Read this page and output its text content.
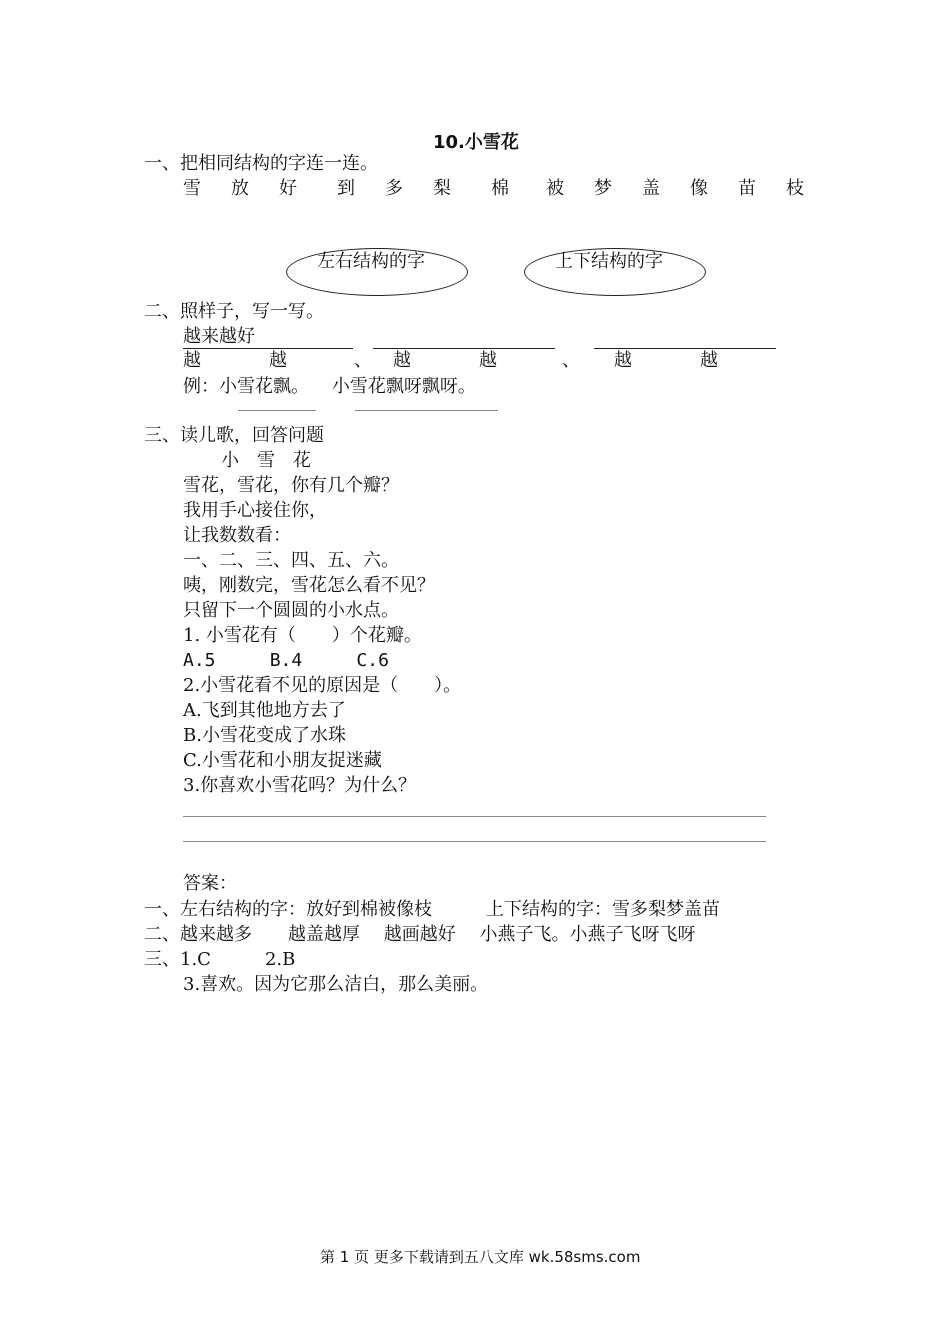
10.小雪花
一、把相同结构的字连一连。
雪 放 好 到 多 梨 棉 被 梦 盖 像 苗 枝
左右结构的字	上下结构的字
二、照样子，写一写。
越来越好
越	越	、 越	越	、 越	越
例：小雪花飘。    小雪花飘呀飘呀。
三、读儿歌，回答问题
小　雪　花
雪花，雪花，你有几个瓣？
我用手心接住你，
让我数数看：
一、二、三、四、五、六。
咦，刚数完，雪花怎么看不见？
只留下一个圆圆的小水点。
1. 小雪花有（　　）个花瓣。
A.5     B.4     C.6
2.小雪花看不见的原因是（　　）。
A.飞到其他地方去了
B.小雪花变成了水珠
C.小雪花和小朋友捉迷藏
3.你喜欢小雪花吗？为什么？
答案：
一、左右结构的字：放好到棉被像枝　　　上下结构的字：雪多梨梦盖苗
二、越来越多　　越盖越厚　 越画越好　 小燕子飞。小燕子飞呀飞呀
三、1.C　　　2.B
3.喜欢。因为它那么洁白，那么美丽。
第 1 页 更多下载请到五八文库 wk.58sms.com
